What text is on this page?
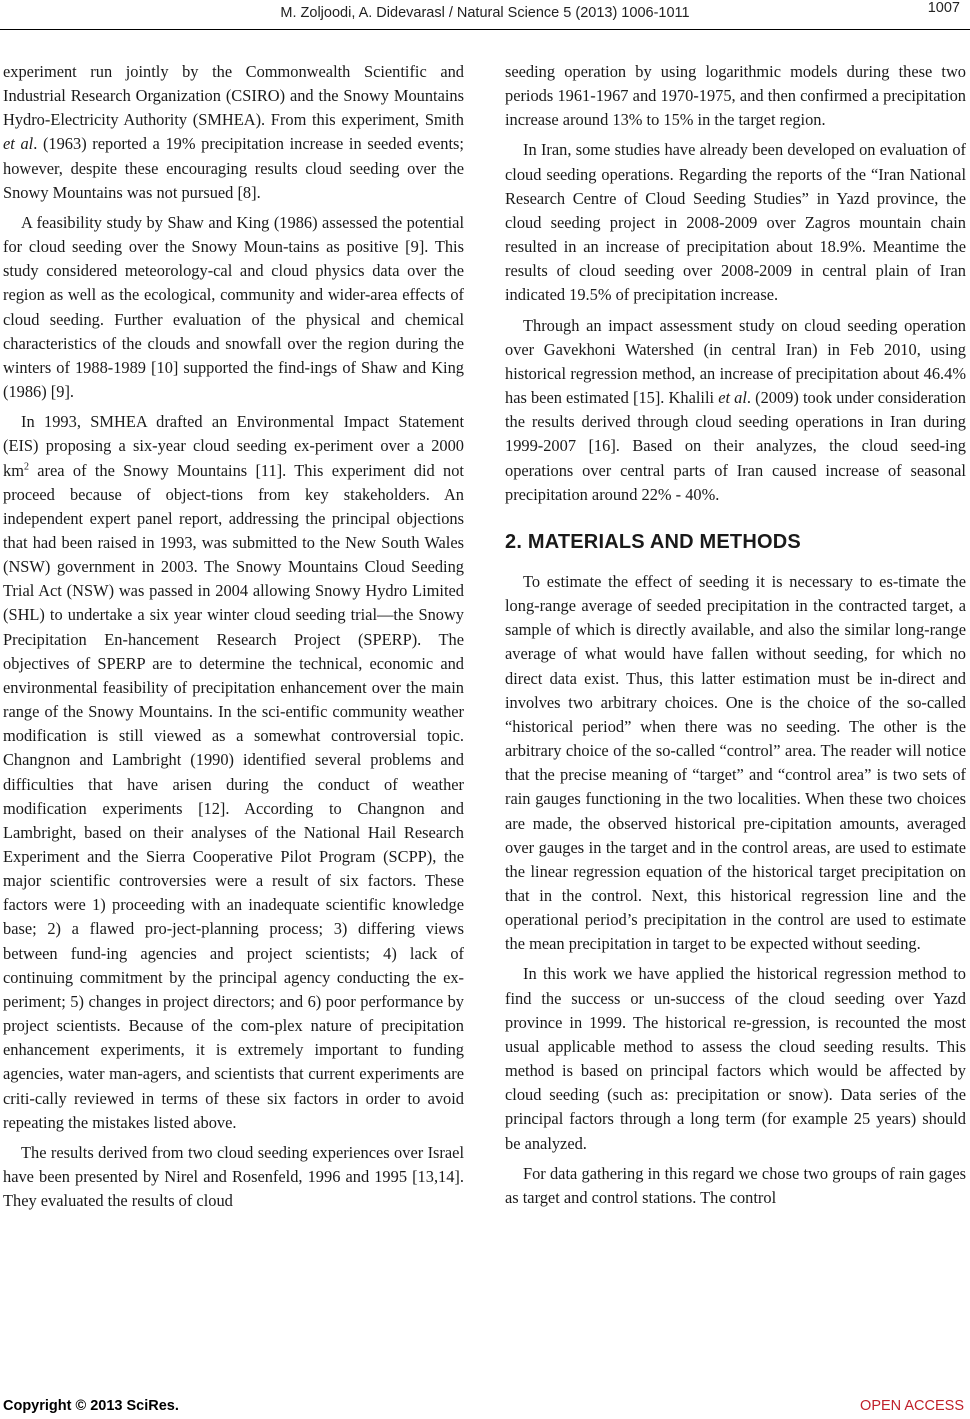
M. Zoljoodi, A. Didevarasl / Natural Science 5 (2013) 1006-1011	1007

experiment run jointly by the Commonwealth Scientific and Industrial Research Organization (CSIRO) and the Snowy Mountains Hydro-Electricity Authority (SMHEA). From this experiment, Smith et al. (1963) reported a 19% precipitation increase in seeded events; however, despite these encouraging results cloud seeding over the Snowy Mountains was not pursued [8].

A feasibility study by Shaw and King (1986) assessed the potential for cloud seeding over the Snowy Moun-tains as positive [9]. This study considered meteorology-cal and cloud physics data over the region as well as the ecological, community and wider-area effects of cloud seeding. Further evaluation of the physical and chemical characteristics of the clouds and snowfall over the region during the winters of 1988-1989 [10] supported the find-ings of Shaw and King (1986) [9].

In 1993, SMHEA drafted an Environmental Impact Statement (EIS) proposing a six-year cloud seeding ex-periment over a 2000 $km^2$ area of the Snowy Mountains [11]. This experiment did not proceed because of object-tions from key stakeholders. An independent expert panel report, addressing the principal objections that had been raised in 1993, was submitted to the New South Wales (NSW) government in 2003. The Snowy Mountains Cloud Seeding Trial Act (NSW) was passed in 2004 allowing Snowy Hydro Limited (SHL) to undertake a six year winter cloud seeding trial—the Snowy Precipitation En-hancement Research Project (SPERP). The objectives of SPERP are to determine the technical, economic and environmental feasibility of precipitation enhancement over the main range of the Snowy Mountains. In the sci-entific community weather modification is still viewed as a somewhat controversial topic. Changnon and Lambright (1990) identified several problems and difficulties that have arisen during the conduct of weather modification experiments [12]. According to Changnon and Lambright, based on their analyses of the National Hail Research Experiment and the Sierra Cooperative Pilot Program (SCPP), the major scientific controversies were a result of six factors. These factors were 1) proceeding with an inadequate scientific knowledge base; 2) a flawed pro-ject-planning process; 3) differing views between fund-ing agencies and project scientists; 4) lack of continuing commitment by the principal agency conducting the ex-periment; 5) changes in project directors; and 6) poor performance by project scientists. Because of the com-plex nature of precipitation enhancement experiments, it is extremely important to funding agencies, water man-agers, and scientists that current experiments are criti-cally reviewed in terms of these six factors in order to avoid repeating the mistakes listed above.

The results derived from two cloud seeding experiences over Israel have been presented by Nirel and Rosenfeld, 1996 and 1995 [13,14]. They evaluated the results of cloud

seeding operation by using logarithmic models during these two periods 1961-1967 and 1970-1975, and then confirmed a precipitation increase around 13% to 15% in the target region.

In Iran, some studies have already been developed on evaluation of cloud seeding operations. Regarding the reports of the “Iran National Research Centre of Cloud Seeding Studies” in Yazd province, the cloud seeding project in 2008-2009 over Zagros mountain chain resulted in an increase of precipitation about 18.9%. Meantime the results of cloud seeding over 2008-2009 in central plain of Iran indicated 19.5% of precipitation increase.

Through an impact assessment study on cloud seeding operation over Gavekhoni Watershed (in central Iran) in Feb 2010, using historical regression method, an increase of precipitation about 46.4% has been estimated [15]. Khalili et al. (2009) took under consideration the results derived through cloud seeding operations in Iran during 1999-2007 [16]. Based on their analyzes, the cloud seed-ing operations over central parts of Iran caused increase of seasonal precipitation around 22% - 40%.

2. MATERIALS AND METHODS

To estimate the effect of seeding it is necessary to es-timate the long-range average of seeded precipitation in the contracted target, a sample of which is directly available, and also the similar long-range average of what would have fallen without seeding, for which no direct data exist. Thus, this latter estimation must be in-direct and involves two arbitrary choices. One is the choice of the so-called “historical period” when there was no seeding. The other is the arbitrary choice of the so-called “control” area. The reader will notice that the precise meaning of “target” and “control area” is two sets of rain gauges functioning in the two localities. When these two choices are made, the observed historical pre-cipitation amounts, averaged over gauges in the target and in the control areas, are used to estimate the linear regression equation of the historical target precipitation on that in the control. Next, this historical regression line and the operational period’s precipitation in the control are used to estimate the mean precipitation in target to be expected without seeding.

In this work we have applied the historical regression method to find the success or un-success of the cloud seeding over Yazd province in 1999. The historical re-gression, is recounted the most usual applicable method to assess the cloud seeding results. This method is based on principal factors which would be affected by cloud seeding (such as: precipitation or snow). Data series of the principal factors through a long term (for example 25 years) should be analyzed.

For data gathering in this regard we chose two groups of rain gages as target and control stations. The control

Copyright © 2013 SciRes.	OPEN ACCESS
